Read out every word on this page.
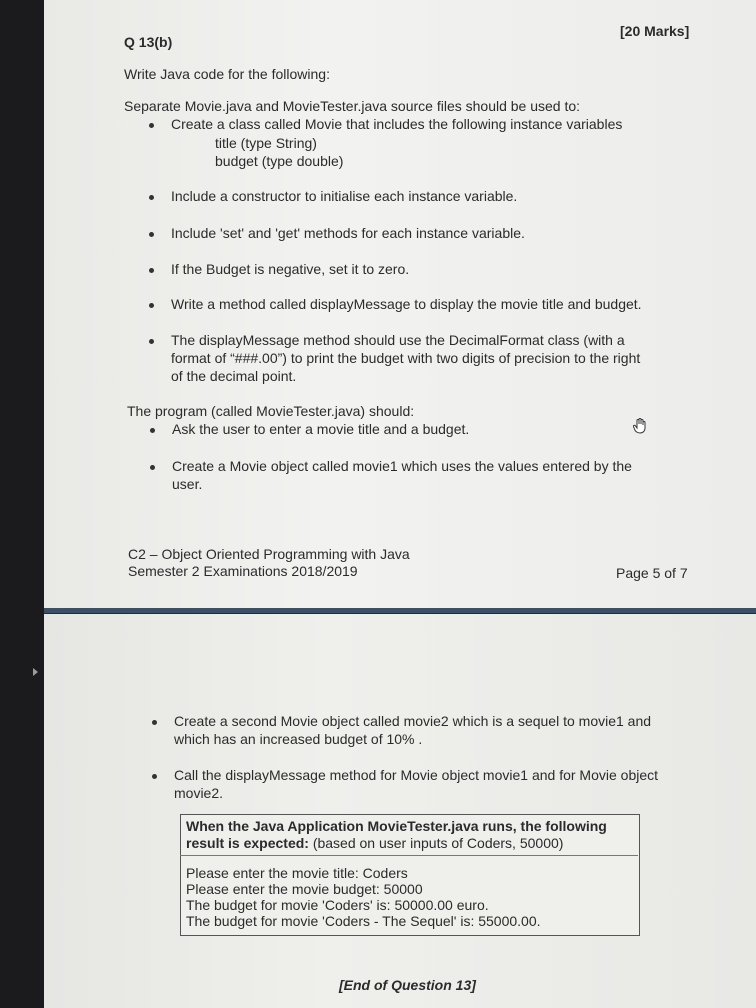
Q 13(b)
[20 Marks]
Write Java code for the following:
Separate Movie.java and MovieTester.java source files should be used to:
Create a class called Movie that includes the following instance variables
title (type String)
budget (type double)
Include a constructor to initialise each instance variable.
Include 'set' and 'get' methods for each instance variable.
If the Budget is negative, set it to zero.
Write a method called displayMessage to display the movie title and budget.
The displayMessage method should use the DecimalFormat class (with a
format of “###.00”) to print the budget with two digits of precision to the right
of the decimal point.
The program (called MovieTester.java) should:
Ask the user to enter a movie title and a budget.
Create a Movie object called movie1 which uses the values entered by the
user.
C2 – Object Oriented Programming with Java
Semester 2 Examinations 2018/2019	Page 5 of 7
Create a second Movie object called movie2 which is a sequel to movie1 and
which has an increased budget of 10% .
Call the displayMessage method for Movie object movie1 and for Movie object
movie2.
When the Java Application MovieTester.java runs, the following
result is expected: (based on user inputs of Coders, 50000)
Please enter the movie title: Coders
Please enter the movie budget: 50000
The budget for movie 'Coders' is: 50000.00 euro.
The budget for movie 'Coders - The Sequel' is: 55000.00.
[End of Question 13]
